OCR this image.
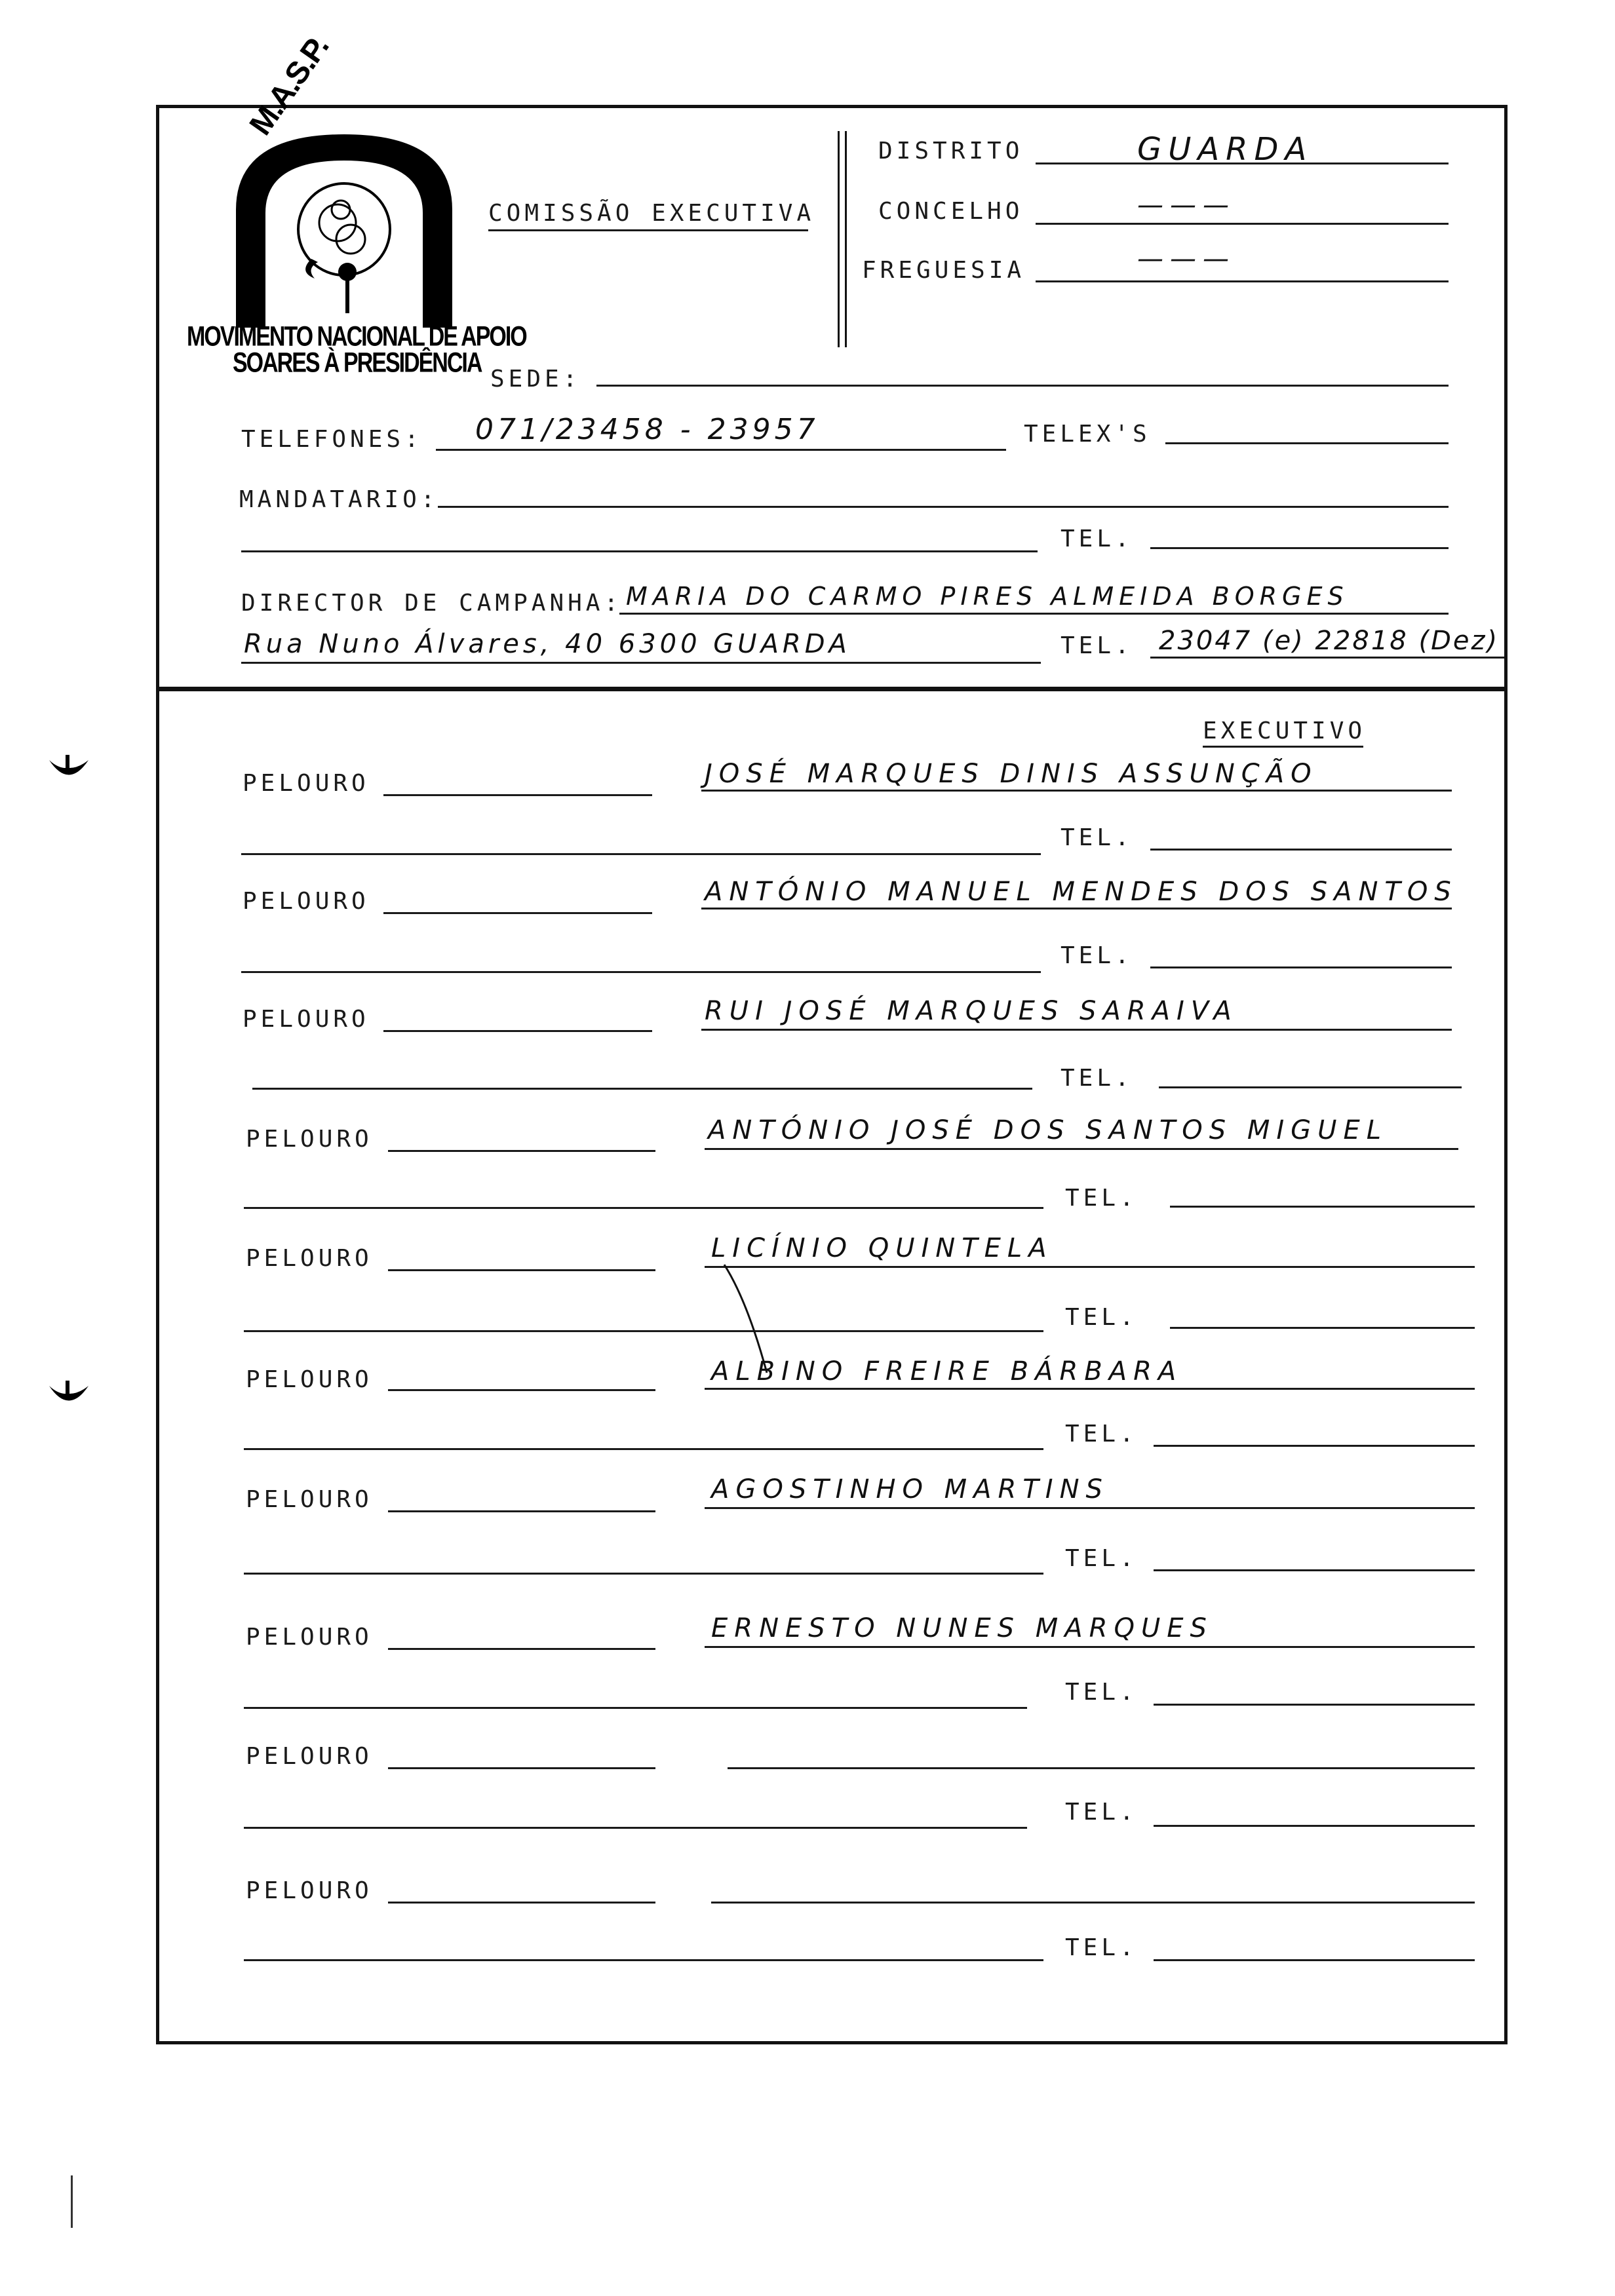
M.A.S.P.
MOVIMENTO NACIONAL DE APOIO
SOARES À PRESIDÊNCIA
COMISSÃO EXECUTIVA
DISTRITO	GUARDA
CONCELHO	———
FREGUESIA	———
SEDE:
TELEFONES: 071/23458 - 23957	TELEX'S
MANDATARIO:
TEL.
DIRECTOR DE CAMPANHA: MARIA DO CARMO PIRES ALMEIDA BORGES
Rua Nuno Álvares, 40 6300 GUARDA	TEL. 23047 (e) 22818 (Dez)
EXECUTIVO
PELOURO	JOSÉ MARQUES DINIS ASSUNÇÃO
TEL.
PELOURO	ANTÓNIO MANUEL MENDES DOS SANTOS
TEL.
PELOURO	RUI JOSÉ MARQUES SARAIVA
TEL.
PELOURO	ANTÓNIO JOSÉ DOS SANTOS MIGUEL
TEL.
PELOURO	LICÍNIO QUINTELA
TEL.
PELOURO	ALBINO FREIRE BÁRBARA
TEL.
PELOURO	AGOSTINHO MARTINS
TEL.
PELOURO	ERNESTO NUNES MARQUES
TEL.
PELOURO
TEL.
PELOURO
TEL.
